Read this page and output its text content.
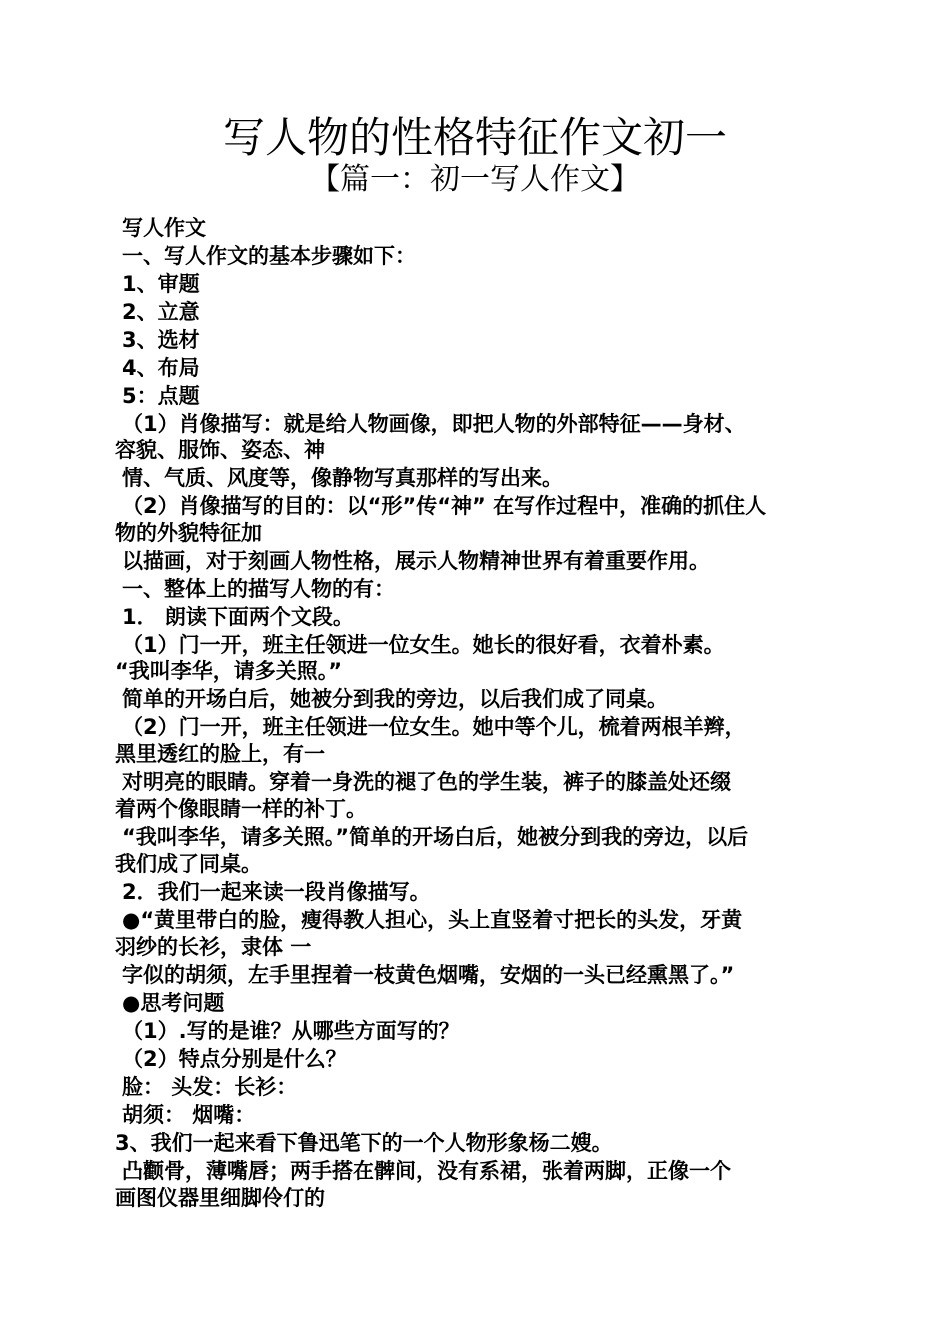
写人物的性格特征作文初一
【篇一：初一写人作文】
写人作文
一、写人作文的基本步骤如下：
1、审题
2、立意
3、选材
4、布局
5：点题
（1）肖像描写：就是给人物画像，即把人物的外部特征——身材、
容貌、服饰、姿态、神
情、气质、风度等，像静物写真那样的写出来。
（2）肖像描写的目的：以“形”传“神” 在写作过程中，准确的抓住人
物的外貌特征加
以描画，对于刻画人物性格，展示人物精神世界有着重要作用。
一、整体上的描写人物的有：
1． 朗读下面两个文段。
（1）门一开，班主任领进一位女生。她长的很好看，衣着朴素。
“我叫李华，请多关照。”
简单的开场白后，她被分到我的旁边，以后我们成了同桌。
（2）门一开，班主任领进一位女生。她中等个儿，梳着两根羊辫，
黑里透红的脸上，有一
对明亮的眼睛。穿着一身洗的褪了色的学生装，裤子的膝盖处还缀
着两个像眼睛一样的补丁。
“我叫李华，请多关照。”简单的开场白后，她被分到我的旁边，以后
我们成了同桌。
2．我们一起来读一段肖像描写。
●“黄里带白的脸，瘦得教人担心，头上直竖着寸把长的头发，牙黄
羽纱的长衫，隶体 一
字似的胡须，左手里捏着一枝黄色烟嘴，安烟的一头已经熏黑了。”
●思考问题
（1）.写的是谁？从哪些方面写的？
（2）特点分别是什么？
脸： 头发：长衫：
胡须： 烟嘴：
3、我们一起来看下鲁迅笔下的一个人物形象杨二嫂。
凸颧骨，薄嘴唇；两手搭在髀间，没有系裙，张着两脚，正像一个
画图仪器里细脚伶仃的
